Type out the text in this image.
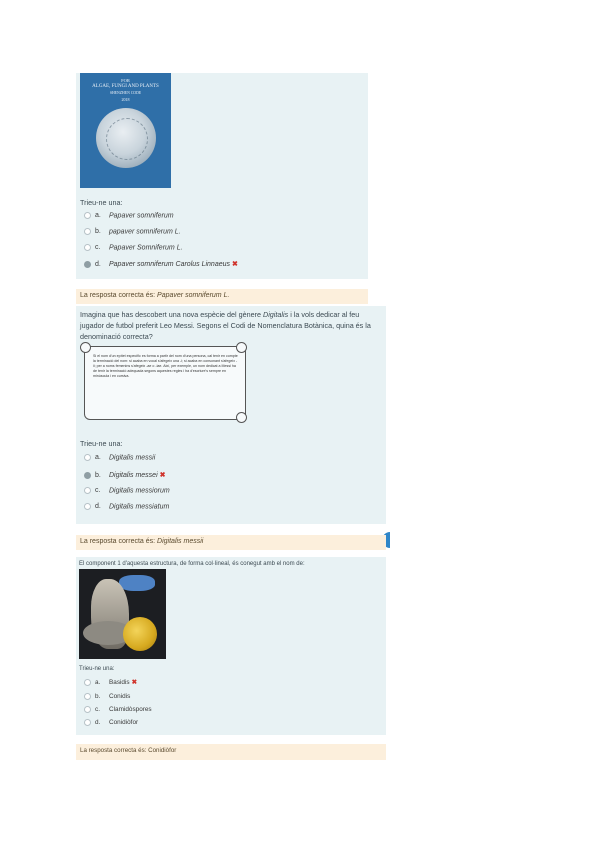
FOR
ALGAE, FUNGI AND PLANTS
SHENZHEN CODE
2018
Trieu-ne una:
a. Papaver somniferum
b. papaver somniferum L.
c. Papaver Somniferum L.
d. Papaver somniferum Carolus Linnaeus ✖
La resposta correcta és: Papaver somniferum L.
Imagina que has descobert una nova espècie del gènere Digitalis i la vols dedicar al feu jugador de futbol preferit Leo Messi. Segons el Codi de Nomenclatura Botànica, quina és la denominació correcta?
Si el nom d'un epítet específic es forma a partir del nom d'una persona, cal tenir en compte la terminació del nom: si acaba en vocal s'afegeix una -i; si acaba en consonant s'afegeix -ii; per a noms femenins s'afegeix -ae o -iae. Així, per exemple, un nom dedicat a Messi ha de tenir la terminació adequada segons aquestes regles i ha d'escriure's sempre en minúscula i en cursiva.
Trieu-ne una:
a. Digitalis messii
b. Digitalis messei ✖
c. Digitalis messiorum
d. Digitalis messiatum
La resposta correcta és: Digitalis messii
El component 1 d'aquesta estructura, de forma col·lineal, és conegut amb el nom de:
Trieu-ne una:
a. Basidis ✖
b. Conidis
c. Clamidòspores
d. Conidiòfor
La resposta correcta és: Conidiòfor
